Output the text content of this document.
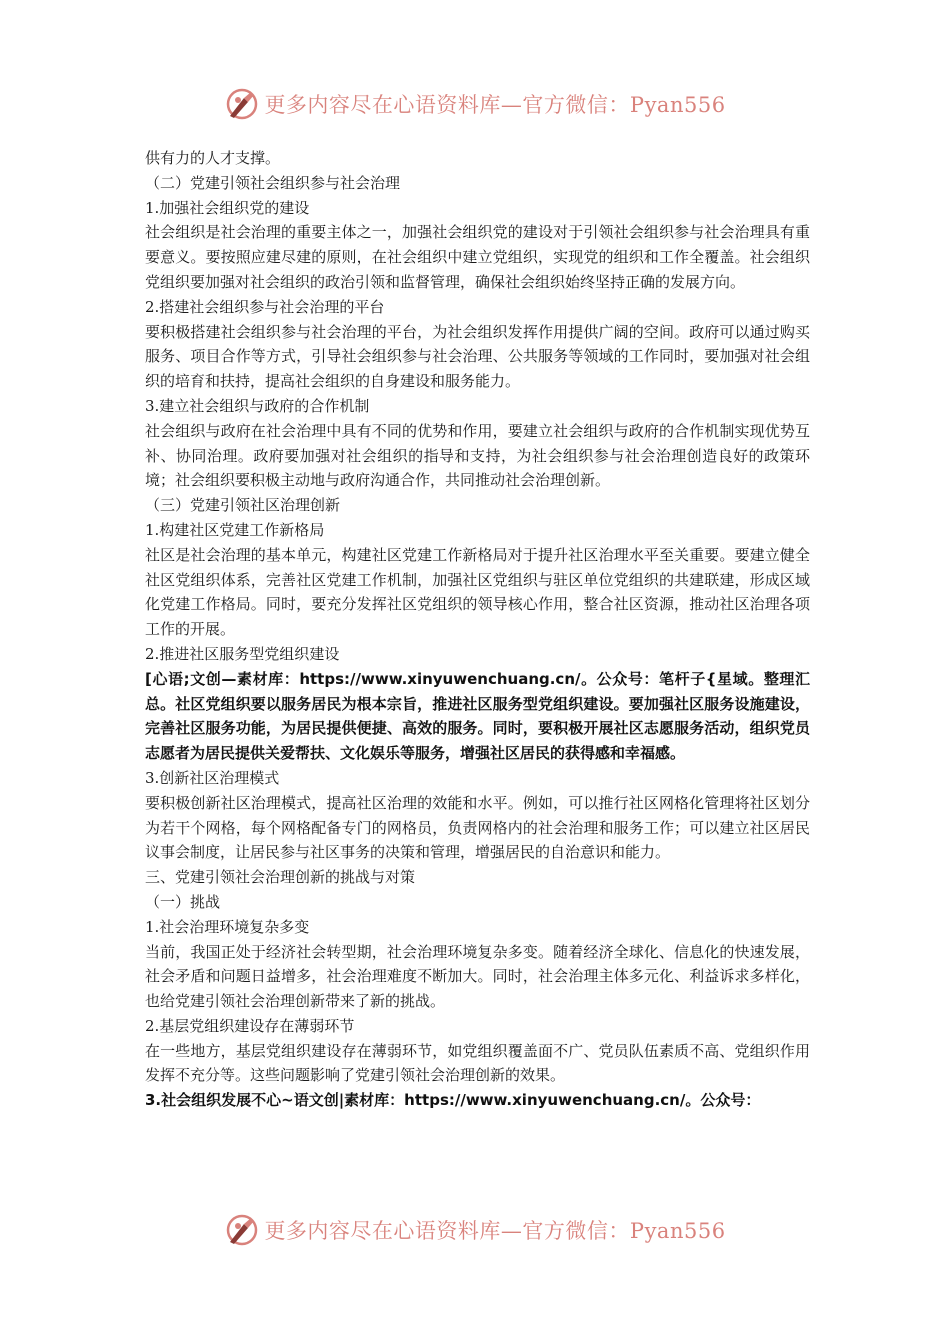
更多内容尽在心语资料库—官方微信：Pyan556

供有力的人才支撑。

（二）党建引领社会组织参与社会治理

1.加强社会组织党的建设

社会组织是社会治理的重要主体之一，加强社会组织党的建设对于引领社会组织参与社会治理具有重要意义。要按照应建尽建的原则，在社会组织中建立党组织，实现党的组织和工作全覆盖。社会组织党组织要加强对社会组织的政治引领和监督管理，确保社会组织始终坚持正确的发展方向。

2.搭建社会组织参与社会治理的平台

要积极搭建社会组织参与社会治理的平台，为社会组织发挥作用提供广阔的空间。政府可以通过购买服务、项目合作等方式，引导社会组织参与社会治理、公共服务等领域的工作同时，要加强对社会组织的培育和扶持，提高社会组织的自身建设和服务能力。

3.建立社会组织与政府的合作机制

社会组织与政府在社会治理中具有不同的优势和作用，要建立社会组织与政府的合作机制实现优势互补、协同治理。政府要加强对社会组织的指导和支持，为社会组织参与社会治理创造良好的政策环境；社会组织要积极主动地与政府沟通合作，共同推动社会治理创新。

（三）党建引领社区治理创新

1.构建社区党建工作新格局

社区是社会治理的基本单元，构建社区党建工作新格局对于提升社区治理水平至关重要。要建立健全社区党组织体系，完善社区党建工作机制，加强社区党组织与驻区单位党组织的共建联建，形成区域化党建工作格局。同时，要充分发挥社区党组织的领导核心作用，整合社区资源，推动社区治理各项工作的开展。

2.推进社区服务型党组织建设

[心语;文创—素材库：https://www.xinyuwenchuang.cn/。公众号：笔杆子{星域。整理汇总。社区党组织要以服务居民为根本宗旨，推进社区服务型党组织建设。要加强社区服务设施建设，完善社区服务功能，为居民提供便捷、高效的服务。同时，要积极开展社区志愿服务活动，组织党员志愿者为居民提供关爱帮扶、文化娱乐等服务，增强社区居民的获得感和幸福感。

3.创新社区治理模式

要积极创新社区治理模式，提高社区治理的效能和水平。例如，可以推行社区网格化管理将社区划分为若干个网格，每个网格配备专门的网格员，负责网格内的社会治理和服务工作；可以建立社区居民议事会制度，让居民参与社区事务的决策和管理，增强居民的自治意识和能力。

三、党建引领社会治理创新的挑战与对策

（一）挑战

1.社会治理环境复杂多变

当前，我国正处于经济社会转型期，社会治理环境复杂多变。随着经济全球化、信息化的快速发展，社会矛盾和问题日益增多，社会治理难度不断加大。同时，社会治理主体多元化、利益诉求多样化，也给党建引领社会治理创新带来了新的挑战。

2.基层党组织建设存在薄弱环节

在一些地方，基层党组织建设存在薄弱环节，如党组织覆盖面不广、党员队伍素质不高、党组织作用发挥不充分等。这些问题影响了党建引领社会治理创新的效果。

3.社会组织发展不心~语文创|素材库：https://www.xinyuwenchuang.cn/。公众号：

更多内容尽在心语资料库—官方微信：Pyan556
